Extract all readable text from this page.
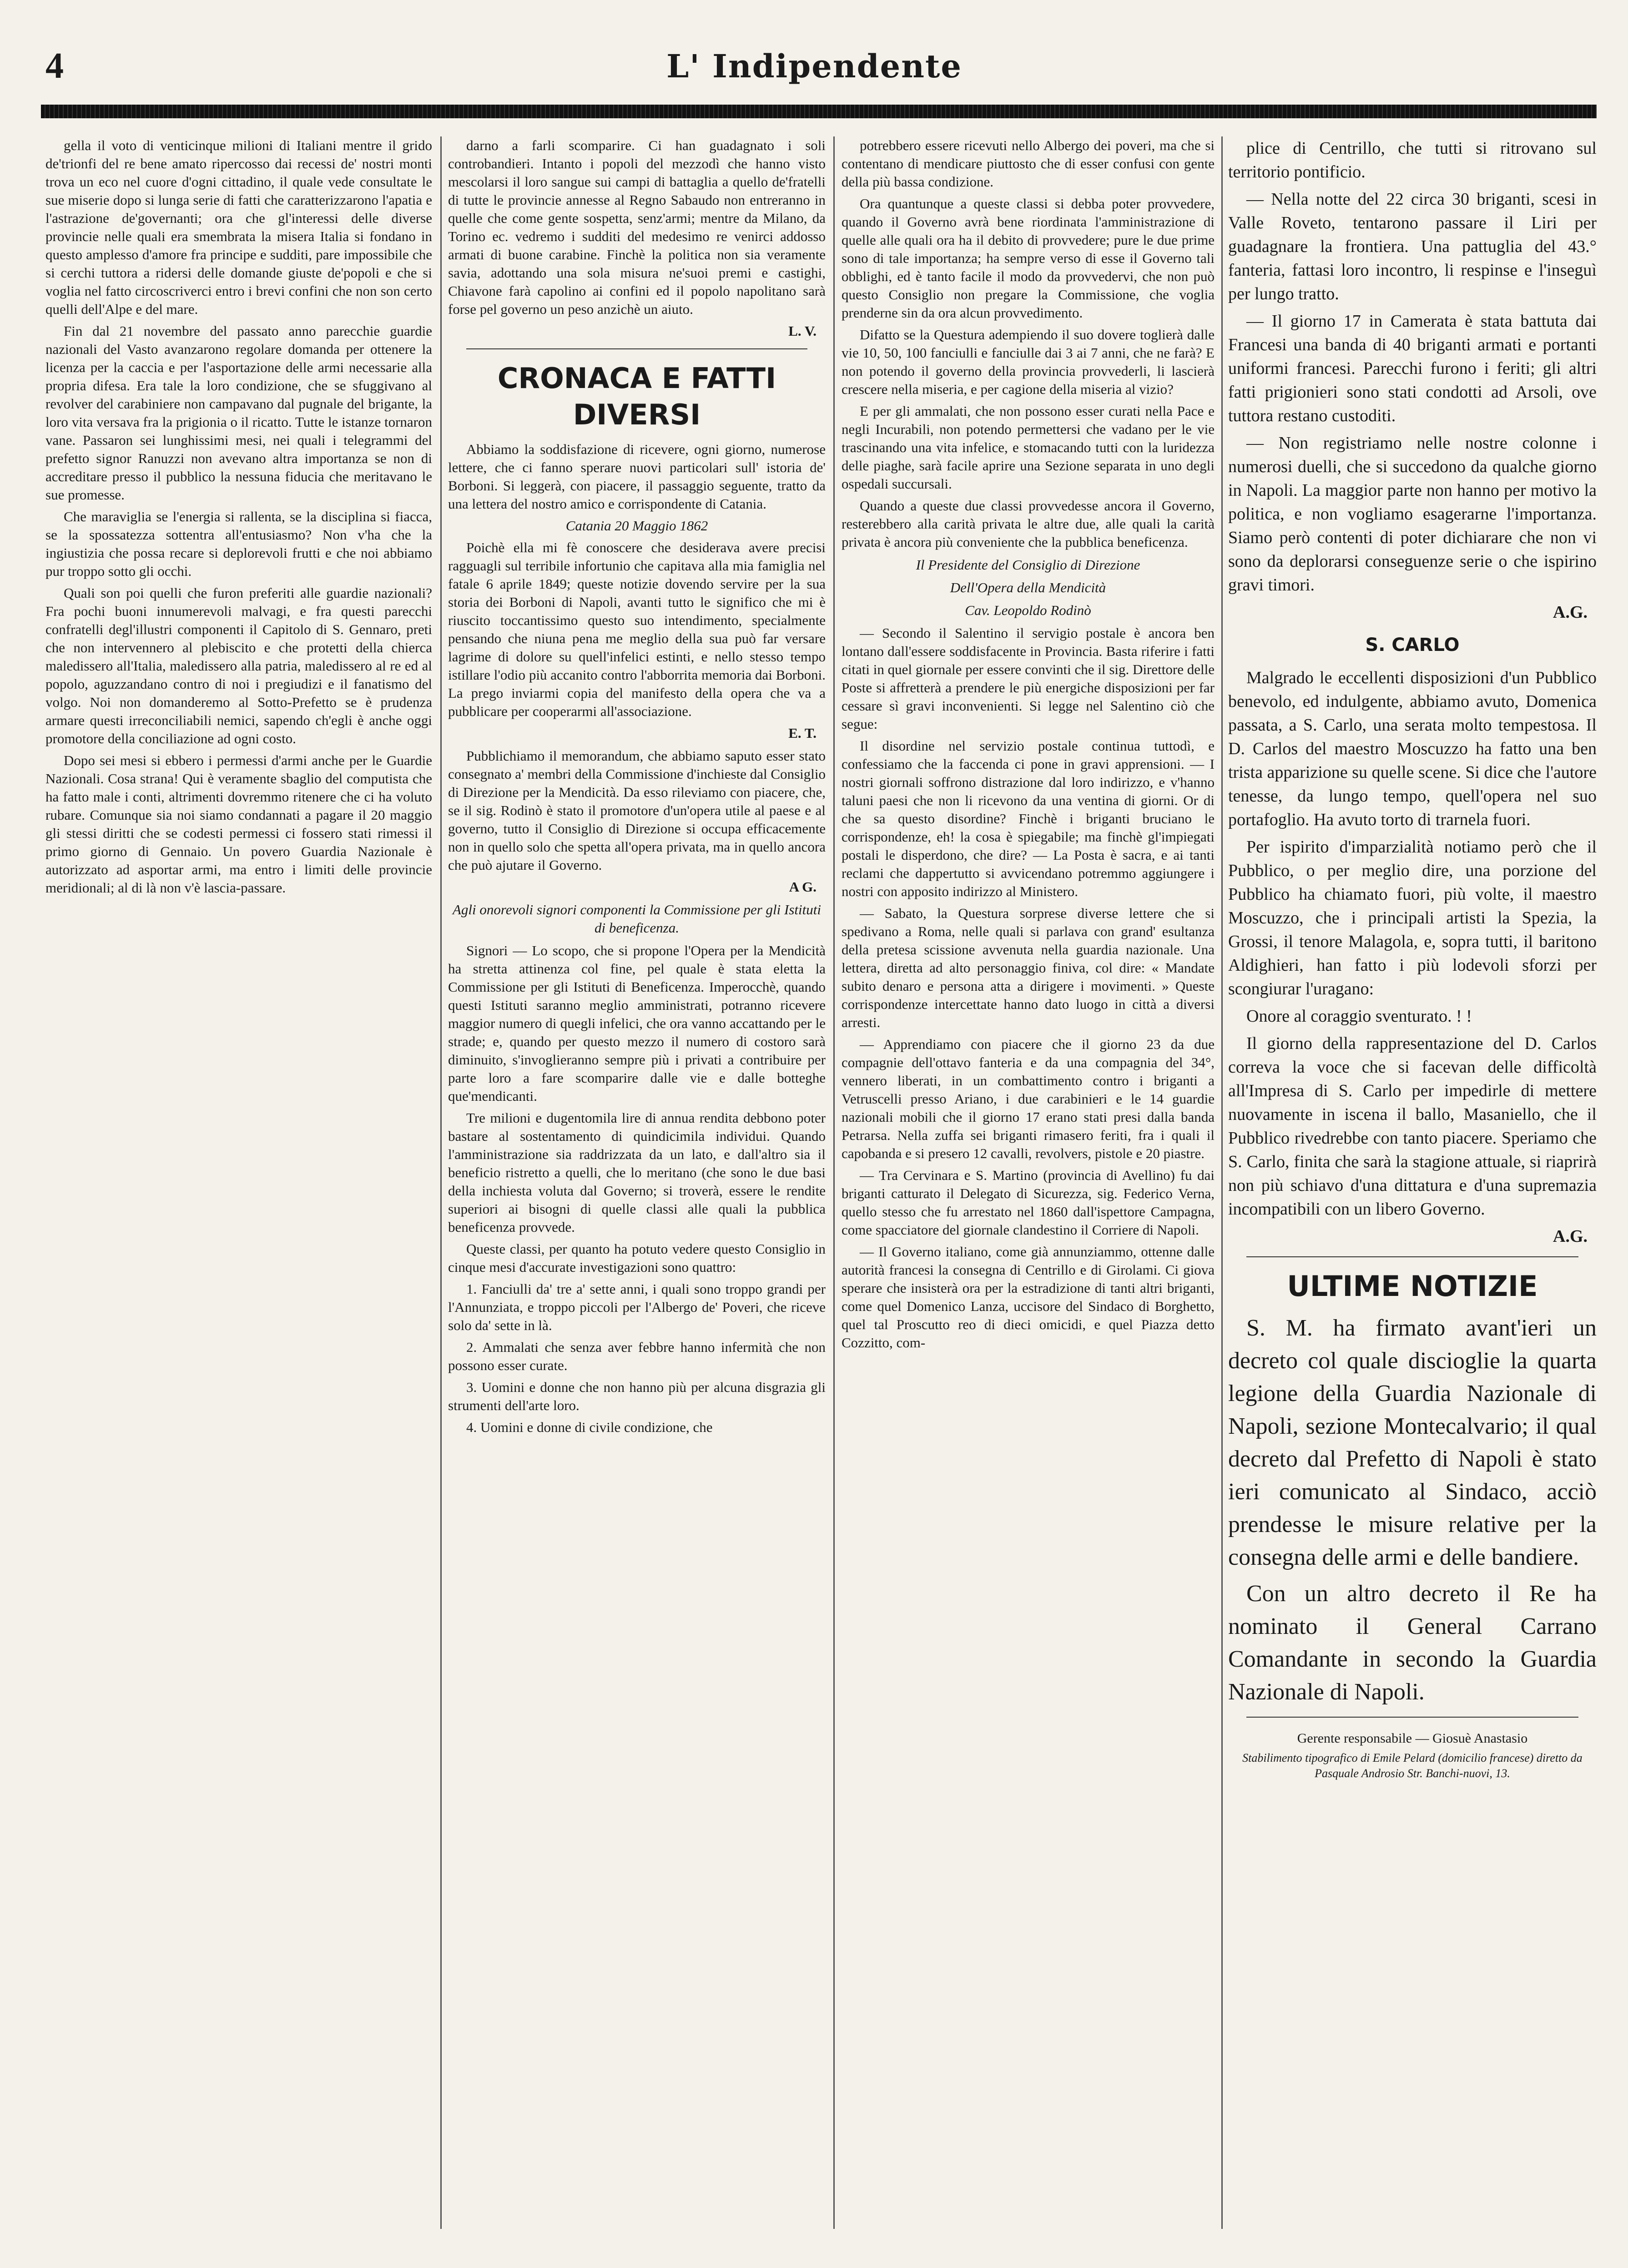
4	L' Indipendente

gella il voto di venticinque milioni di Italiani mentre il grido de'trionfi del re bene amato ripercosso dai recessi de' nostri monti trova un eco nel cuore d'ogni cittadino, il quale vede consultate le sue miserie dopo si lunga serie di fatti che caratterizzarono l'apatia e l'astrazione de'governanti; ora che gl'interessi delle diverse provincie nelle quali era smembrata la misera Italia si fondano in questo amplesso d'amore fra principe e sudditi, pare impossibile che si cerchi tuttora a ridersi delle domande giuste de'popoli e che si voglia nel fatto circoscriverci entro i brevi confini che non son certo quelli dell'Alpe e del mare.

Fin dal 21 novembre del passato anno parecchie guardie nazionali del Vasto avanzarono regolare domanda per ottenere la licenza per la caccia e per l'asportazione delle armi necessarie alla propria difesa. Era tale la loro condizione, che se sfuggivano al revolver del carabiniere non campavano dal pugnale del brigante, la loro vita versava fra la prigionia o il ricatto. Tutte le istanze tornaron vane. Passaron sei lunghissimi mesi, nei quali i telegrammi del prefetto signor Ranuzzi non avevano altra importanza se non di accreditare presso il pubblico la nessuna fiducia che meritavano le sue promesse.

Che maraviglia se l'energia si rallenta, se la disciplina si fiacca, se la spossatezza sottentra all'entusiasmo? Non v'ha che la ingiustizia che possa recare si deplorevoli frutti e che noi abbiamo pur troppo sotto gli occhi.

Quali son poi quelli che furon preferiti alle guardie nazionali? Fra pochi buoni innumerevoli malvagi, e fra questi parecchi confratelli degl'illustri componenti il Capitolo di S. Gennaro, preti che non intervennero al plebiscito e che protetti della chierca maledissero all'Italia, maledissero alla patria, maledissero al re ed al popolo, aguzzandano contro di noi i pregiudizi e il fanatismo del volgo. Noi non domanderemo al Sotto-Prefetto se è prudenza armare questi irreconciliabili nemici, sapendo ch'egli è anche oggi promotore della conciliazione ad ogni costo.

Dopo sei mesi si ebbero i permessi d'armi anche per le Guardie Nazionali. Cosa strana! Qui è veramente sbaglio del computista che ha fatto male i conti, altrimenti dovremmo ritenere che ci ha voluto rubare. Comunque sia noi siamo condannati a pagare il 20 maggio gli stessi diritti che se codesti permessi ci fossero stati rimessi il primo giorno di Gennaio. Un povero Guardia Nazionale è autorizzato ad asportar armi, ma entro i limiti delle provincie meridionali; al di là non v'è lascia-passare.

darno a farli scomparire. Ci han guadagnato i soli controbandieri. Intanto i popoli del mezzodì che hanno visto mescolarsi il loro sangue sui campi di battaglia a quello de'fratelli di tutte le provincie annesse al Regno Sabaudo non entreranno in quelle che come gente sospetta, senz'armi; mentre da Milano, da Torino ec. vedremo i sudditi del medesimo re venirci addosso armati di buone carabine. Finchè la politica non sia veramente savia, adottando una sola misura ne'suoi premi e castighi, Chiavone farà capolino ai confini ed il popolo napolitano sarà forse pel governo un peso anzichè un aiuto.

L. V.
CRONACA E FATTI DIVERSI

Abbiamo la soddisfazione di ricevere, ogni giorno, numerose lettere, che ci fanno sperare nuovi particolari sull' istoria de' Borboni. Si leggerà, con piacere, il passaggio seguente, tratto da una lettera del nostro amico e corrispondente di Catania.

Catania 20 Maggio 1862

Poichè ella mi fè conoscere che desiderava avere precisi ragguagli sul terribile infortunio che capitava alla mia famiglia nel fatale 6 aprile 1849; queste notizie dovendo servire per la sua storia dei Borboni di Napoli, avanti tutto le significo che mi è riuscito toccantissimo questo suo intendimento, specialmente pensando che niuna pena me meglio della sua può far versare lagrime di dolore su quell'infelici estinti, e nello stesso tempo istillare l'odio più accanito contro l'abborrita memoria dai Borboni. La prego inviarmi copia del manifesto della opera che va a pubblicare per cooperarmi all'associazione.

E. T.

Pubblichiamo il memorandum, che abbiamo saputo esser stato consegnato a' membri della Commissione d'inchieste dal Consiglio di Direzione per la Mendicità. Da esso rileviamo con piacere, che, se il sig. Rodinò è stato il promotore d'un'opera utile al paese e al governo, tutto il Consiglio di Direzione si occupa efficacemente non in quello solo che spetta all'opera privata, ma in quello ancora che può ajutare il Governo.

A G.
Agli onorevoli signori componenti la Commissione per gli Istituti di beneficenza.

Signori — Lo scopo, che si propone l'Opera per la Mendicità ha stretta attinenza col fine, pel quale è stata eletta la Commissione per gli Istituti di Beneficenza. Imperocchè, quando questi Istituti saranno meglio amministrati, potranno ricevere maggior numero di quegli infelici, che ora vanno accattando per le strade; e, quando per questo mezzo il numero di costoro sarà diminuito, s'invoglieranno sempre più i privati a contribuire per parte loro a fare scomparire dalle vie e dalle botteghe que'mendicanti.

Tre milioni e dugentomila lire di annua rendita debbono poter bastare al sostentamento di quindicimila individui. Quando l'amministrazione sia raddrizzata da un lato, e dall'altro sia il beneficio ristretto a quelli, che lo meritano (che sono le due basi della inchiesta voluta dal Governo; si troverà, essere le rendite superiori ai bisogni di quelle classi alle quali la pubblica beneficenza provvede.

Queste classi, per quanto ha potuto vedere questo Consiglio in cinque mesi d'accurate investigazioni sono quattro:

1. Fanciulli da' tre a' sette anni, i quali sono troppo grandi per l'Annunziata, e troppo piccoli per l'Albergo de' Poveri, che riceve solo da' sette in là.

2. Ammalati che senza aver febbre hanno infermità che non possono esser curate.

3. Uomini e donne che non hanno più per alcuna disgrazia gli strumenti dell'arte loro.

4. Uomini e donne di civile condizione, che

potrebbero essere ricevuti nello Albergo dei poveri, ma che si contentano di mendicare piuttosto che di esser confusi con gente della più bassa condizione.

Ora quantunque a queste classi si debba poter provvedere, quando il Governo avrà bene riordinata l'amministrazione di quelle alle quali ora ha il debito di provvedere; pure le due prime sono di tale importanza; ha sempre verso di esse il Governo tali obblighi, ed è tanto facile il modo da provvedervi, che non può questo Consiglio non pregare la Commissione, che voglia prenderne sin da ora alcun provvedimento.

Difatto se la Questura adempiendo il suo dovere toglierà dalle vie 10, 50, 100 fanciulli e fanciulle dai 3 ai 7 anni, che ne farà? E non potendo il governo della provincia provvederli, li lascierà crescere nella miseria, e per cagione della miseria al vizio?

E per gli ammalati, che non possono esser curati nella Pace e negli Incurabili, non potendo permettersi che vadano per le vie trascinando una vita infelice, e stomacando tutti con la luridezza delle piaghe, sarà facile aprire una Sezione separata in uno degli ospedali succursali.

Quando a queste due classi provvedesse ancora il Governo, resterebbero alla carità privata le altre due, alle quali la carità privata è ancora più conveniente che la pubblica beneficenza.

Il Presidente del Consiglio di Direzione
Dell'Opera della Mendicità
Cav. Leopoldo Rodinò

— Secondo il Salentino il servigio postale è ancora ben lontano dall'essere soddisfacente in Provincia. Basta riferire i fatti citati in quel giornale per essere convinti che il sig. Direttore delle Poste si affretterà a prendere le più energiche disposizioni per far cessare sì gravi inconvenienti. Si legge nel Salentino ciò che segue:

Il disordine nel servizio postale continua tuttodì, e confessiamo che la faccenda ci pone in gravi apprensioni. — I nostri giornali soffrono distrazione dal loro indirizzo, e v'hanno taluni paesi che non li ricevono da una ventina di giorni. Or di che sa questo disordine? Finchè i briganti bruciano le corrispondenze, eh! la cosa è spiegabile; ma finchè gl'impiegati postali le disperdono, che dire? — La Posta è sacra, e ai tanti reclami che dappertutto si avvicendano potremmo aggiungere i nostri con apposito indirizzo al Ministero.

— Sabato, la Questura sorprese diverse lettere che si spedivano a Roma, nelle quali si parlava con grand' esultanza della pretesa scissione avvenuta nella guardia nazionale. Una lettera, diretta ad alto personaggio finiva, col dire: « Mandate subito denaro e persona atta a dirigere i movimenti. » Queste corrispondenze intercettate hanno dato luogo in città a diversi arresti.

— Apprendiamo con piacere che il giorno 23 da due compagnie dell'ottavo fanteria e da una compagnia del 34°, vennero liberati, in un combattimento contro i briganti a Vetruscelli presso Ariano, i due carabinieri e le 14 guardie nazionali mobili che il giorno 17 erano stati presi dalla banda Petrarsa. Nella zuffa sei briganti rimasero feriti, fra i quali il capobanda e si presero 12 cavalli, revolvers, pistole e 20 piastre.

— Tra Cervinara e S. Martino (provincia di Avellino) fu dai briganti catturato il Delegato di Sicurezza, sig. Federico Verna, quello stesso che fu arrestato nel 1860 dall'ispettore Campagna, come spacciatore del giornale clandestino il Corriere di Napoli.

— Il Governo italiano, come già annunziammo, ottenne dalle autorità francesi la consegna di Centrillo e di Girolami. Ci giova sperare che insisterà ora per la estradizione di tanti altri briganti, come quel Domenico Lanza, uccisore del Sindaco di Borghetto, quel tal Proscutto reo di dieci omicidi, e quel Piazza detto Cozzitto, com-

plice di Centrillo, che tutti si ritrovano sul territorio pontificio.

— Nella notte del 22 circa 30 briganti, scesi in Valle Roveto, tentarono passare il Liri per guadagnare la frontiera. Una pattuglia del 43.° fanteria, fattasi loro incontro, li respinse e l'inseguì per lungo tratto.

— Il giorno 17 in Camerata è stata battuta dai Francesi una banda di 40 briganti armati e portanti uniformi francesi. Parecchi furono i feriti; gli altri fatti prigionieri sono stati condotti ad Arsoli, ove tuttora restano custoditi.

— Non registriamo nelle nostre colonne i numerosi duelli, che si succedono da qualche giorno in Napoli. La maggior parte non hanno per motivo la politica, e non vogliamo esagerarne l'importanza. Siamo però contenti di poter dichiarare che non vi sono da deplorarsi conseguenze serie o che ispirino gravi timori.

A.G.
S. CARLO

Malgrado le eccellenti disposizioni d'un Pubblico benevolo, ed indulgente, abbiamo avuto, Domenica passata, a S. Carlo, una serata molto tempestosa. Il D. Carlos del maestro Moscuzzo ha fatto una ben trista apparizione su quelle scene. Si dice che l'autore tenesse, da lungo tempo, quell'opera nel suo portafoglio. Ha avuto torto di trarnela fuori.

Per ispirito d'imparzialità notiamo però che il Pubblico, o per meglio dire, una porzione del Pubblico ha chiamato fuori, più volte, il maestro Moscuzzo, che i principali artisti la Spezia, la Grossi, il tenore Malagola, e, sopra tutti, il baritono Aldighieri, han fatto i più lodevoli sforzi per scongiurar l'uragano:

Onore al coraggio sventurato. ! !

Il giorno della rappresentazione del D. Carlos correva la voce che si facevan delle difficoltà all'Impresa di S. Carlo per impedirle di mettere nuovamente in iscena il ballo, Masaniello, che il Pubblico rivedrebbe con tanto piacere. Speriamo che S. Carlo, finita che sarà la stagione attuale, si riaprirà non più schiavo d'una dittatura e d'una supremazia incompatibili con un libero Governo.

A.G.
ULTIME NOTIZIE

S. M. ha firmato avant'ieri un decreto col quale discioglie la quarta legione della Guardia Nazionale di Napoli, sezione Montecalvario; il qual decreto dal Prefetto di Napoli è stato ieri comunicato al Sindaco, acciò prendesse le misure relative per la consegna delle armi e delle bandiere.

Con un altro decreto il Re ha nominato il General Carrano Comandante in secondo la Guardia Nazionale di Napoli.

Gerente responsabile — Giosuè Anastasio
Stabilimento tipografico di Emile Pelard (domicilio francese) diretto da Pasquale Androsio Str. Banchi-nuovi, 13.
